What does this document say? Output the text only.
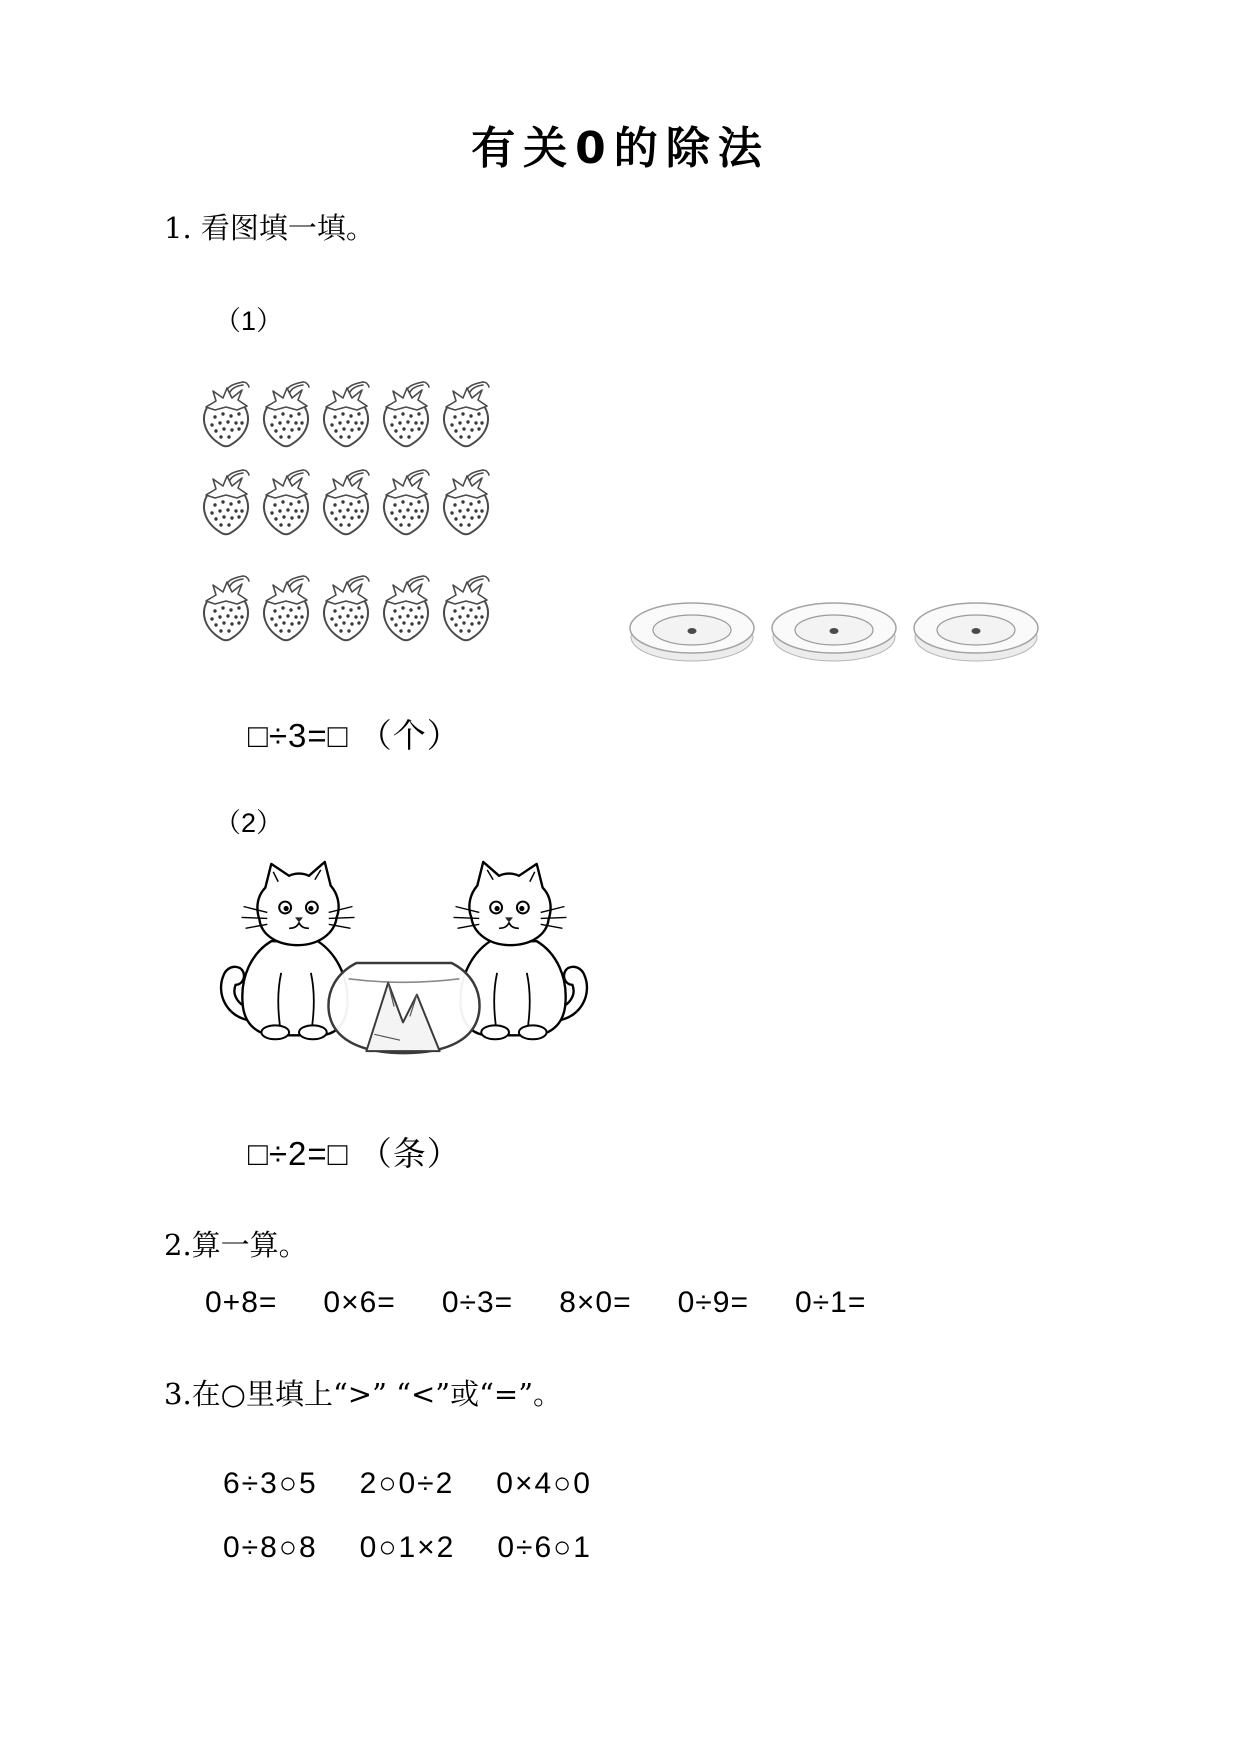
有关0的除法
1. 看图填一填。
（1）
□÷3=□ （个）
（2）
□÷2=□ （条）
2.算一算。
0+8= 0×6= 0÷3= 8×0= 0÷9= 0÷1=
3.在○里填上“>” “<”或“=”。
6÷3○5 2○0÷2 0×4○0
0÷8○8 0○1×2 0÷6○1
